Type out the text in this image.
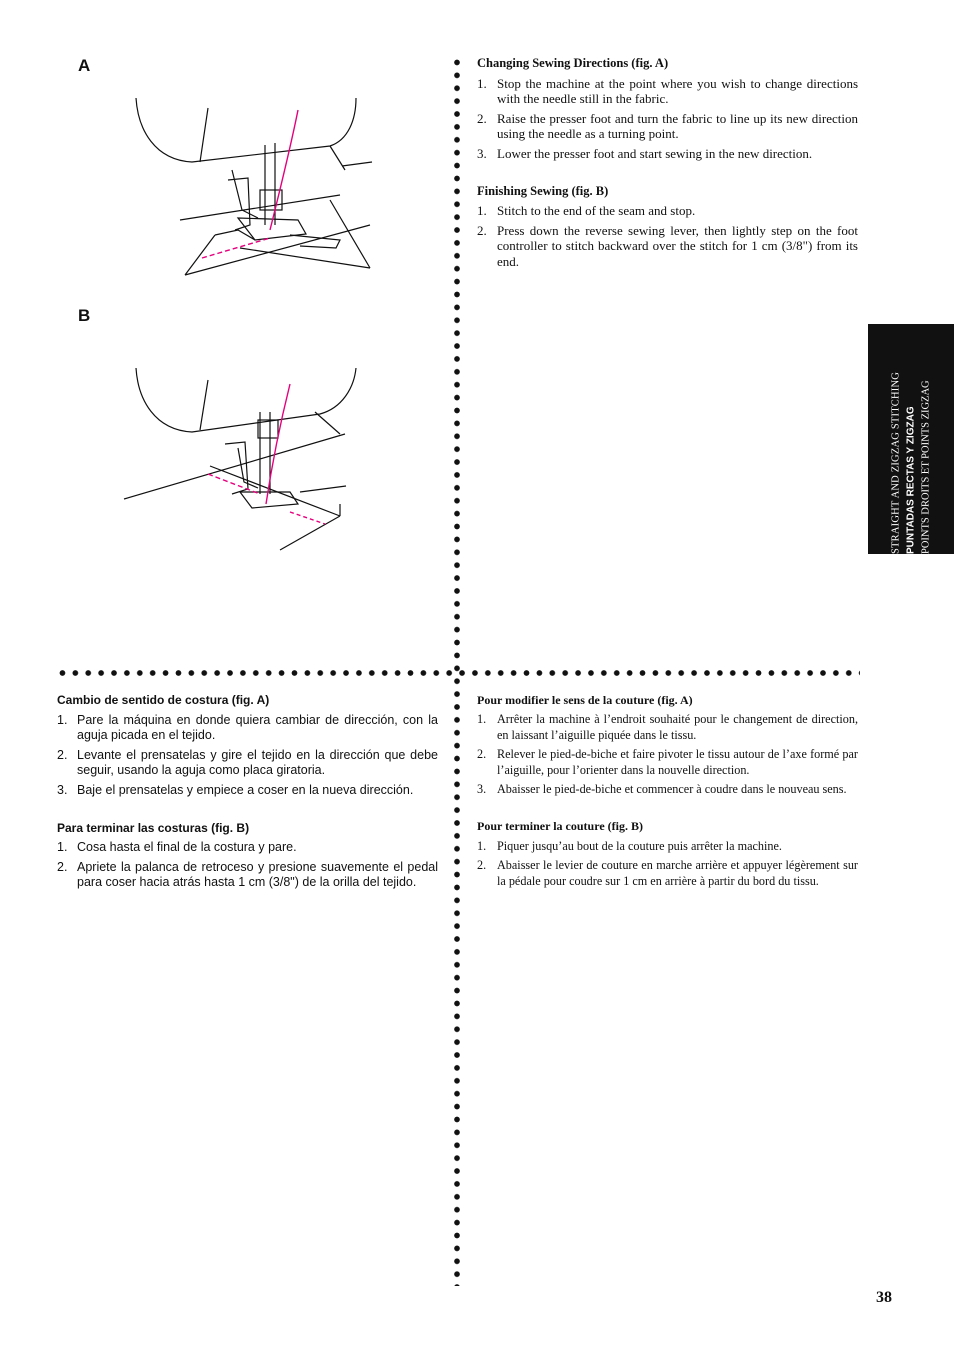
A
B
Changing Sewing Directions (fig. A)
1. Stop the machine at the point where you wish to change directions with the needle still in the fabric.
2. Raise the presser foot and turn the fabric to line up its new direction using the needle as a turning point.
3. Lower the presser foot and start sewing in the new direction.
Finishing Sewing (fig. B)
1. Stitch to the end of the seam and stop.
2. Press down the reverse sewing lever, then lightly step on the foot controller to stitch backward over the stitch for 1 cm (3/8") from its end.
Cambio de sentido de costura (fig. A)
1. Pare la máquina en donde quiera cambiar de dirección, con la aguja picada en el tejido.
2. Levante el prensatelas y gire el tejido en la dirección que debe seguir, usando la aguja como placa giratoria.
3. Baje el prensatelas y empiece a coser en la nueva dirección.
Para terminar las costuras (fig. B)
1. Cosa hasta el final de la costura y pare.
2. Apriete la palanca de retroceso y presione suavemente el pedal para coser hacia atrás hasta 1 cm (3/8") de la orilla del tejido.
Pour modifier le sens de la couture (fig. A)
1. Arrêter la machine à l’endroit souhaité pour le changement de direction, en laissant l’aiguille piquée dans le tissu.
2. Relever le pied-de-biche et faire pivoter le tissu autour de l’axe formé par l’aiguille, pour l’orienter dans la nouvelle direction.
3. Abaisser le pied-de-biche et commencer à coudre dans le nouveau sens.
Pour terminer la couture (fig. B)
1. Piquer jusqu’au bout de la couture puis arrêter la machine.
2. Abaisser le levier de couture en marche arrière et appuyer légèrement sur la pédale pour coudre sur 1 cm en arrière à partir du bord du tissu.
STRAIGHT AND ZIGZAG STITCHING PUNTADAS RECTAS Y ZIGZAG POINTS DROITS ET POINTS ZIGZAG
38
